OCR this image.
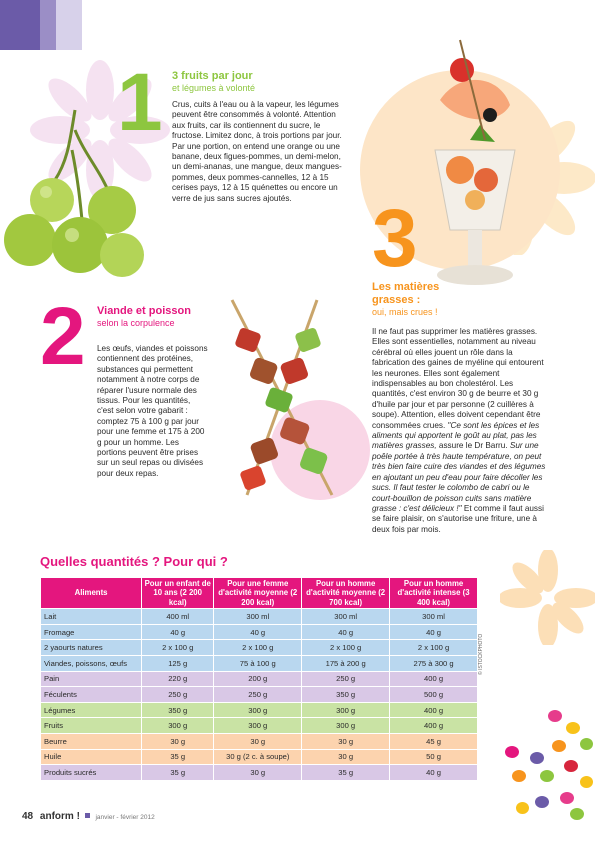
1 3 fruits par jour
et légumes à volonté
Crus, cuits à l'eau ou à la vapeur, les légumes peuvent être consommés à volonté. Attention aux fruits, car ils contiennent du sucre, le fructose. Limitez donc, à trois portions par jour. Par une portion, on entend une orange ou une banane, deux figues-pommes, un demi-melon, un demi-ananas, une mangue, deux mangues-pommes, deux pommes-cannelles, 12 à 15 cerises pays, 12 à 15 quénettes ou encore un verre de jus sans sucres ajoutés. 3
Les matières
grasses :
oui, mais crues !
Il ne faut pas supprimer les matières grasses. Elles sont essentielles, notamment au niveau cérébral où elles jouent un rôle dans la fabrication des gaines de myéline qui entourent les neurones. Elles sont également indispensables au bon cholestérol. Les quantités, c'est environ 30 g de beurre et 30 g d'huile par jour et par personne (2 cuillères à soupe). Attention, elles doivent cependant être consommées crues. "Ce sont les épices et les aliments qui apportent le goût au plat, pas les matières grasses, assure le Dr Barru. Sur une poêle portée à très haute température, on peut très bien faire cuire des viandes et des légumes en ajoutant un peu d'eau pour faire décoller les sucs. Il faut tester le colombo de cabri ou le court-bouillon de poisson cuits sans matière grasse : c'est délicieux !" Et comme il faut aussi se faire plaisir, on s'autorise une friture, une à deux fois par mois.
2 Viande et poisson
selon la corpulence
Les œufs, viandes et poissons contiennent des protéines, substances qui permettent notamment à notre corps de réparer l'usure normale des tissus. Pour les quantités, c'est selon votre gabarit : comptez 75 à 100 g par jour pour une femme et 175 à 200 g pour un homme. Les portions peuvent être prises sur un seul repas ou divisées pour deux repas.
Quelles quantités ? Pour qui ?
Aliments	Pour un enfant de 10 ans (2 200 kcal)	Pour une femme d'activité moyenne (2 200 kcal)	Pour un homme d'activité moyenne (2 700 kcal)	Pour un homme d'activité intense (3 400 kcal)
Lait	400 ml	300 ml	300 ml	300 ml
Fromage	40 g	40 g	40 g	40 g
2 yaourts natures	2 x 100 g	2 x 100 g	2 x 100 g	2 x 100 g
Viandes, poissons, œufs	125 g	75 à 100 g	175 à 200 g	275 à 300 g
Pain	220 g	200 g	250 g	400 g
Féculents	250 g	250 g	350 g	500 g
Légumes	350 g	300 g	300 g	400 g
Fruits	300 g	300 g	300 g	400 g
Beurre	30 g	30 g	30 g	45 g
Huile	35 g	30 g (2 c. à soupe)	30 g	50 g
Produits sucrés	35 g	30 g	35 g	40 g
© ISTOCKPHOTO
48 anform ! janvier - février 2012
